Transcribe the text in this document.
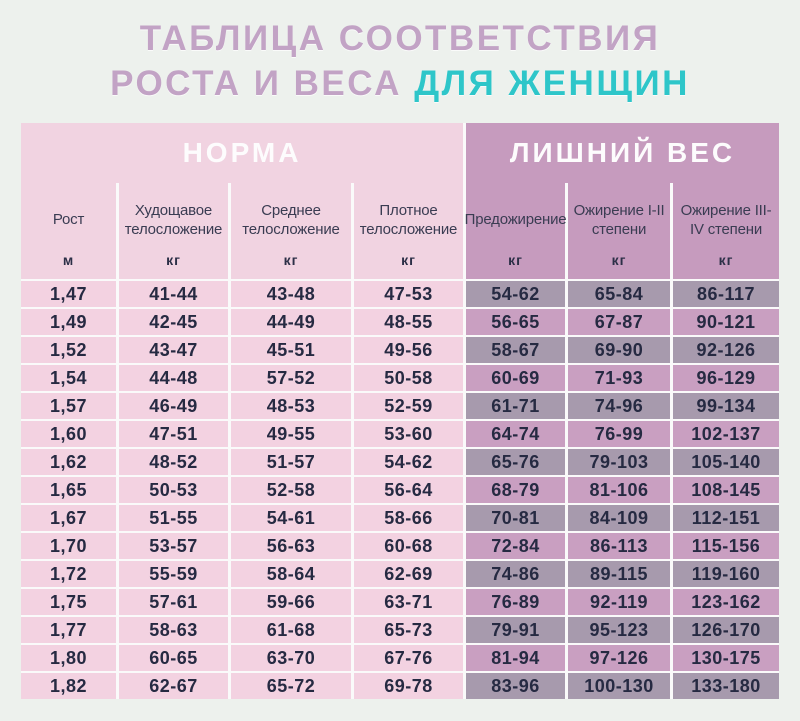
ТАБЛИЦА СООТВЕТСТВИЯ
РОСТА И ВЕСА ДЛЯ ЖЕНЩИН
НОРМА	ЛИШНИЙ ВЕС
Рост
м
Худощавое телосложение
кг
Среднее телосложение
кг
Плотное телосложение
кг
Предожирение
кг
Ожирение I-II степени
кг
Ожирение III-IV степени
кг
1,47	41-44	43-48	47-53	54-62	65-84	86-117
1,49	42-45	44-49	48-55	56-65	67-87	90-121
1,52	43-47	45-51	49-56	58-67	69-90	92-126
1,54	44-48	57-52	50-58	60-69	71-93	96-129
1,57	46-49	48-53	52-59	61-71	74-96	99-134
1,60	47-51	49-55	53-60	64-74	76-99	102-137
1,62	48-52	51-57	54-62	65-76	79-103	105-140
1,65	50-53	52-58	56-64	68-79	81-106	108-145
1,67	51-55	54-61	58-66	70-81	84-109	112-151
1,70	53-57	56-63	60-68	72-84	86-113	115-156
1,72	55-59	58-64	62-69	74-86	89-115	119-160
1,75	57-61	59-66	63-71	76-89	92-119	123-162
1,77	58-63	61-68	65-73	79-91	95-123	126-170
1,80	60-65	63-70	67-76	81-94	97-126	130-175
1,82	62-67	65-72	69-78	83-96	100-130	133-180
